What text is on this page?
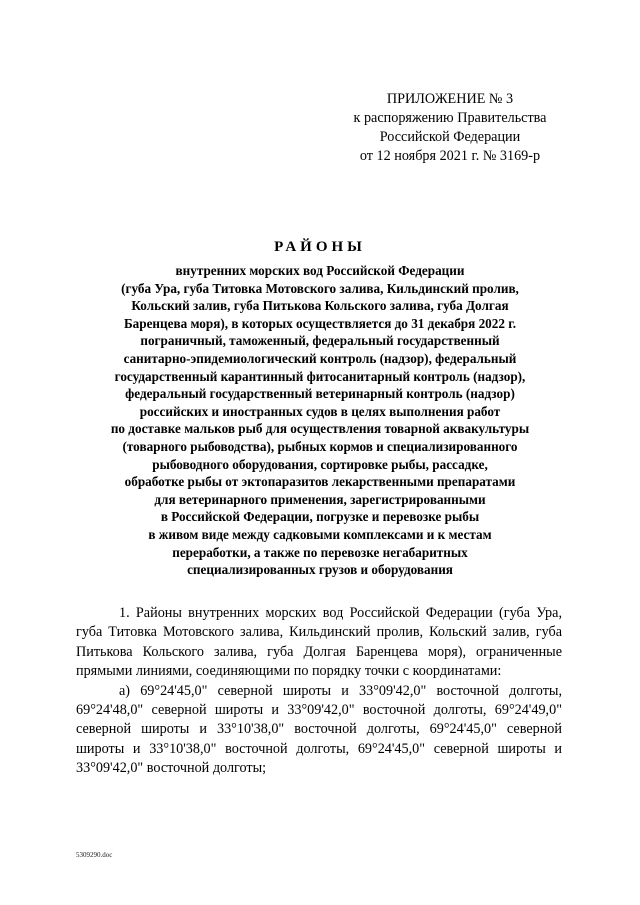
ПРИЛОЖЕНИЕ № 3
к распоряжению Правительства
Российской Федерации
от 12 ноября 2021 г. № 3169-р
РАЙОНЫ
внутренних морских вод Российской Федерации
(губа Ура, губа Титовка Мотовского залива, Кильдинский пролив,
Кольский залив, губа Питькова Кольского залива, губа Долгая
Баренцева моря), в которых осуществляется до 31 декабря 2022 г.
пограничный, таможенный, федеральный государственный
санитарно-эпидемиологический контроль (надзор), федеральный
государственный карантинный фитосанитарный контроль (надзор),
федеральный государственный ветеринарный контроль (надзор)
российских и иностранных судов в целях выполнения работ
по доставке мальков рыб для осуществления товарной аквакультуры
(товарного рыбоводства), рыбных кормов и специализированного
рыбоводного оборудования, сортировке рыбы, рассадке,
обработке рыбы от эктопаразитов лекарственными препаратами
для ветеринарного применения, зарегистрированными
в Российской Федерации, погрузке и перевозке рыбы
в живом виде между садковыми комплексами и к местам
переработки, а также по перевозке негабаритных
специализированных грузов и оборудования

1. Районы внутренних морских вод Российской Федерации (губа Ура, губа Титовка Мотовского залива, Кильдинский пролив, Кольский залив, губа Питькова Кольского залива, губа Долгая Баренцева моря), ограниченные прямыми линиями, соединяющими по порядку точки с координатами:

а) 69°24'45,0" северной широты и 33°09'42,0" восточной долготы, 69°24'48,0" северной широты и 33°09'42,0" восточной долготы, 69°24'49,0" северной широты и 33°10'38,0" восточной долготы, 69°24'45,0" северной широты и 33°10'38,0" восточной долготы, 69°24'45,0" северной широты и 33°09'42,0" восточной долготы;

5309290.doc
